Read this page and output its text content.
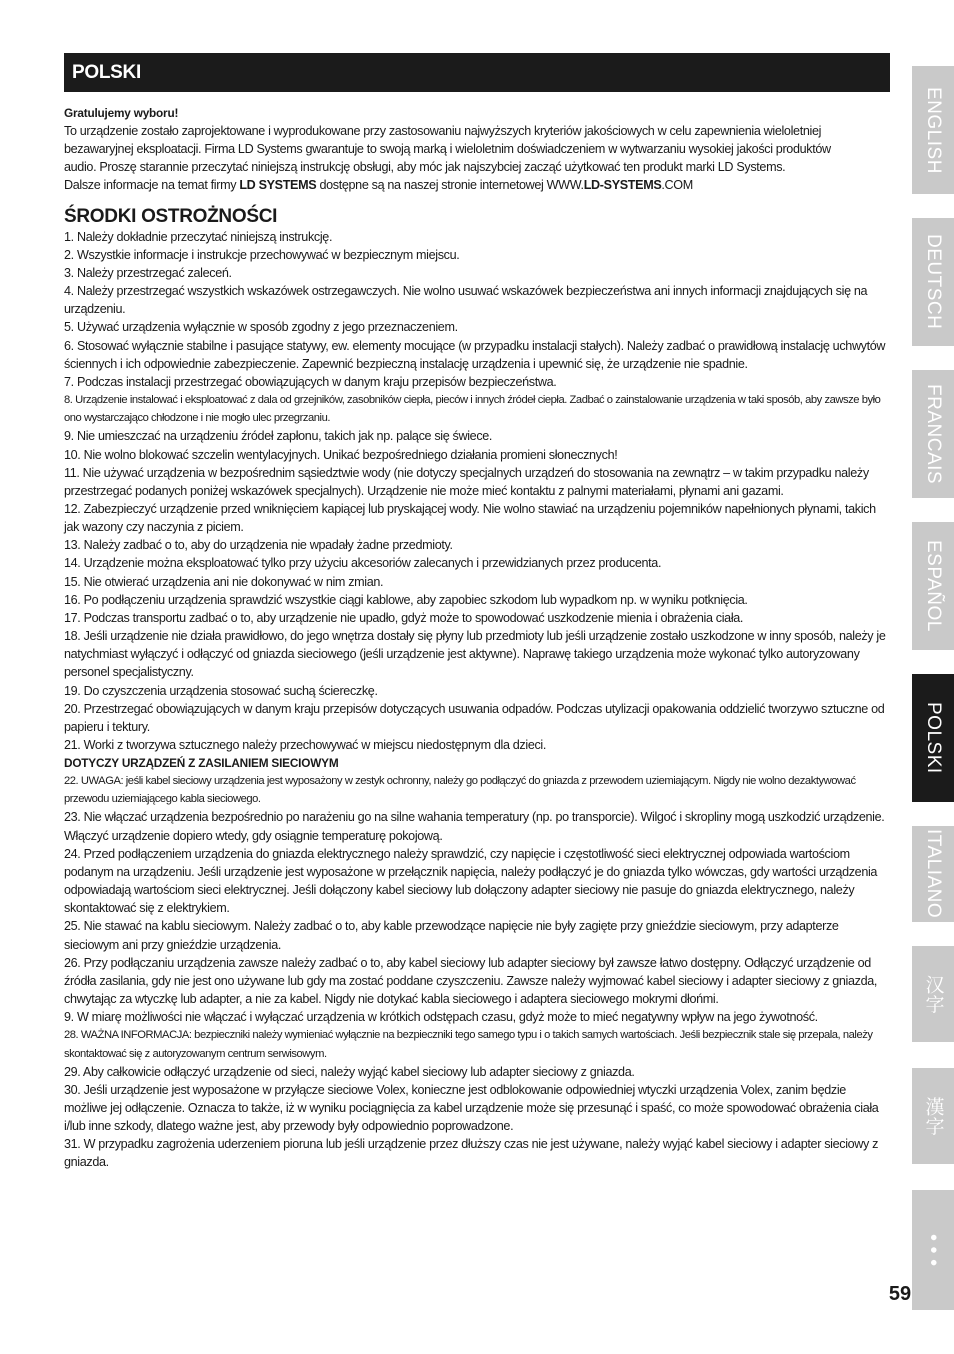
POLSKI

Gratulujemy wyboru!

To urządzenie zostało zaprojektowane i wyprodukowane przy zastosowaniu najwyższych kryteriów jakościowych w celu zapewnienia wieloletniej

bezawaryjnej eksploatacji. Firma LD Systems gwarantuje to swoją marką i wieloletnim doświadczeniem w wytwarzaniu wysokiej jakości produktów

audio. Proszę starannie przeczytać niniejszą instrukcję obsługi, aby móc jak najszybciej zacząć użytkować ten produkt marki LD Systems.

Dalsze informacje na temat firmy LD SYSTEMS dostępne są na naszej stronie internetowej WWW.LD-SYSTEMS.COM

ŚRODKI OSTROŻNOŚCI
1. Należy dokładnie przeczytać niniejszą instrukcję.
2. Wszystkie informacje i instrukcje przechowywać w bezpiecznym miejscu.
3. Należy przestrzegać zaleceń.
4. Należy przestrzegać wszystkich wskazówek ostrzegawczych. Nie wolno usuwać wskazówek bezpieczeństwa ani innych informacji znajdujących się na urządzeniu.
5. Używać urządzenia wyłącznie w sposób zgodny z jego przeznaczeniem.
6. Stosować wyłącznie stabilne i pasujące statywy, ew. elementy mocujące (w przypadku instalacji stałych). Należy zadbać o prawidłową instalację uchwytów ściennych i ich odpowiednie zabezpieczenie. Zapewnić bezpieczną instalację urządzenia i upewnić się, że urządzenie nie spadnie.
7. Podczas instalacji przestrzegać obowiązujących w danym kraju przepisów bezpieczeństwa.
8. Urządzenie instalować i eksploatować z dala od grzejników, zasobników ciepła, pieców i innych źródeł ciepła. Zadbać o zainstalowanie urządzenia w taki sposób, aby zawsze było ono wystarczająco chłodzone i nie mogło ulec przegrzaniu.
9. Nie umieszczać na urządzeniu źródeł zapłonu, takich jak np. palące się świece.
10. Nie wolno blokować szczelin wentylacyjnych. Unikać bezpośredniego działania promieni słonecznych!
11. Nie używać urządzenia w bezpośrednim sąsiedztwie wody (nie dotyczy specjalnych urządzeń do stosowania na zewnątrz – w takim przypadku należy przestrzegać podanych poniżej wskazówek specjalnych). Urządzenie nie może mieć kontaktu z palnymi materiałami, płynami ani gazami.
12. Zabezpieczyć urządzenie przed wniknięciem kapiącej lub pryskającej wody. Nie wolno stawiać na urządzeniu pojemników napełnionych płynami, takich jak wazony czy naczynia z piciem.
13. Należy zadbać o to, aby do urządzenia nie wpadały żadne przedmioty.
14. Urządzenie można eksploatować tylko przy użyciu akcesoriów zalecanych i przewidzianych przez producenta.
15. Nie otwierać urządzenia ani nie dokonywać w nim zmian.
16. Po podłączeniu urządzenia sprawdzić wszystkie ciągi kablowe, aby zapobiec szkodom lub wypadkom np. w wyniku potknięcia.
17. Podczas transportu zadbać o to, aby urządzenie nie upadło, gdyż może to spowodować uszkodzenie mienia i obrażenia ciała.
18. Jeśli urządzenie nie działa prawidłowo, do jego wnętrza dostały się płyny lub przedmioty lub jeśli urządzenie zostało uszkodzone w inny sposób, należy je natychmiast wyłączyć i odłączyć od gniazda sieciowego (jeśli urządzenie jest aktywne). Naprawę takiego urządzenia może wykonać tylko autoryzowany personel specjalistyczny.
19. Do czyszczenia urządzenia stosować suchą ściereczkę.
20. Przestrzegać obowiązujących w danym kraju przepisów dotyczących usuwania odpadów. Podczas utylizacji opakowania oddzielić tworzywo sztuczne od papieru i tektury.
21. Worki z tworzywa sztucznego należy przechowywać w miejscu niedostępnym dla dzieci.

DOTYCZY URZĄDZEŃ Z ZASILANIEM SIECIOWYM

22. UWAGA: jeśli kabel sieciowy urządzenia jest wyposażony w zestyk ochronny, należy go podłączyć do gniazda z przewodem uziemiającym. Nigdy nie wolno dezaktywować przewodu uziemiającego kabla sieciowego.
23. Nie włączać urządzenia bezpośrednio po narażeniu go na silne wahania temperatury (np. po transporcie). Wilgoć i skropliny mogą uszkodzić urządzenie. Włączyć urządzenie dopiero wtedy, gdy osiągnie temperaturę pokojową.
24. Przed podłączeniem urządzenia do gniazda elektrycznego należy sprawdzić, czy napięcie i częstotliwość sieci elektrycznej odpowiada wartościom podanym na urządzeniu. Jeśli urządzenie jest wyposażone w przełącznik napięcia, należy podłączyć je do gniazda tylko wówczas, gdy wartości urządzenia odpowiadają wartościom sieci elektrycznej. Jeśli dołączony kabel sieciowy lub dołączony adapter sieciowy nie pasuje do gniazda elektrycznego, należy skontaktować się z elektrykiem.
25. Nie stawać na kablu sieciowym. Należy zadbać o to, aby kable przewodzące napięcie nie były zagięte przy gnieździe sieciowym, przy adapterze sieciowym ani przy gnieździe urządzenia.
26. Przy podłączaniu urządzenia zawsze należy zadbać o to, aby kabel sieciowy lub adapter sieciowy był zawsze łatwo dostępny. Odłączyć urządzenie od źródła zasilania, gdy nie jest ono używane lub gdy ma zostać poddane czyszczeniu. Zawsze należy wyjmować kabel sieciowy i adapter sieciowy z gniazda, chwytając za wtyczkę lub adapter, a nie za kabel. Nigdy nie dotykać kabla sieciowego i adaptera sieciowego mokrymi dłońmi.
9. W miarę możliwości nie włączać i wyłączać urządzenia w krótkich odstępach czasu, gdyż może to mieć negatywny wpływ na jego żywotność.
28. WAŻNA INFORMACJA: bezpieczniki należy wymieniać wyłącznie na bezpieczniki tego samego typu i o takich samych wartościach. Jeśli bezpiecznik stale się przepala, należy skontaktować się z autoryzowanym centrum serwisowym.
29. Aby całkowicie odłączyć urządzenie od sieci, należy wyjąć kabel sieciowy lub adapter sieciowy z gniazda.
30. Jeśli urządzenie jest wyposażone w przyłącze sieciowe Volex, konieczne jest odblokowanie odpowiedniej wtyczki urządzenia Volex, zanim będzie możliwe jej odłączenie. Oznacza to także, iż w wyniku pociągnięcia za kabel urządzenie może się przesunąć i spaść, co może spowodować obrażenia ciała i/lub inne szkody, dlatego ważne jest, aby przewody były odpowiednio poprowadzone.
31. W przypadku zagrożenia uderzeniem pioruna lub jeśli urządzenie przez dłuższy czas nie jest używane, należy wyjąć kabel sieciowy i adapter sieciowy z gniazda.
ENGLISH
DEUTSCH
FRANCAIS
ESPAÑOL
POLSKI
ITALIANO
汉字
漢字
• • •
59
